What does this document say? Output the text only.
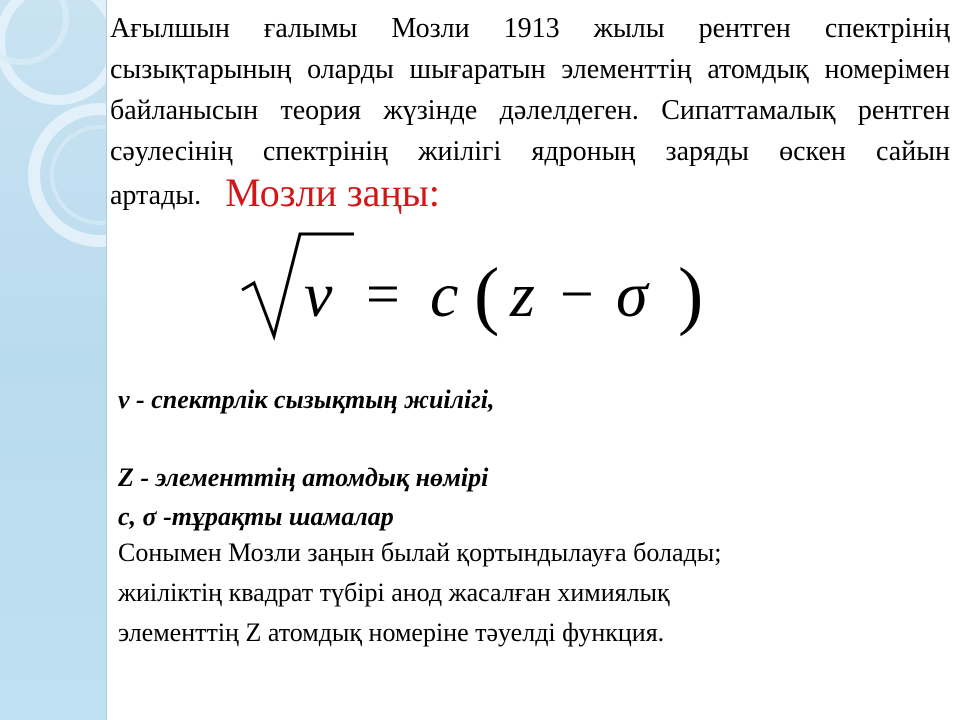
Ағылшын ғалымы Мозли 1913 жылы рентген спектрінің сызықтарының оларды шығаратын элементтің атомдық номерімен байланысын теория жүзінде дәлелдеген. Сипаттамалық рентген сәулесінің спектрінің жиілігі ядроның заряды өскен сайын артады. Мозли заңы:

ν = c ( z − σ )

ν - спектрлік сызықтың жиілігі,

Z - элементтің атомдық нөмірі

c, σ -тұрақты шамалар

Сонымен Мозли заңын былай қортындылауға болады;

жиіліктің квадрат түбірі анод жасалған химиялық

элементтің Z атомдық номеріне тәуелді функция.
